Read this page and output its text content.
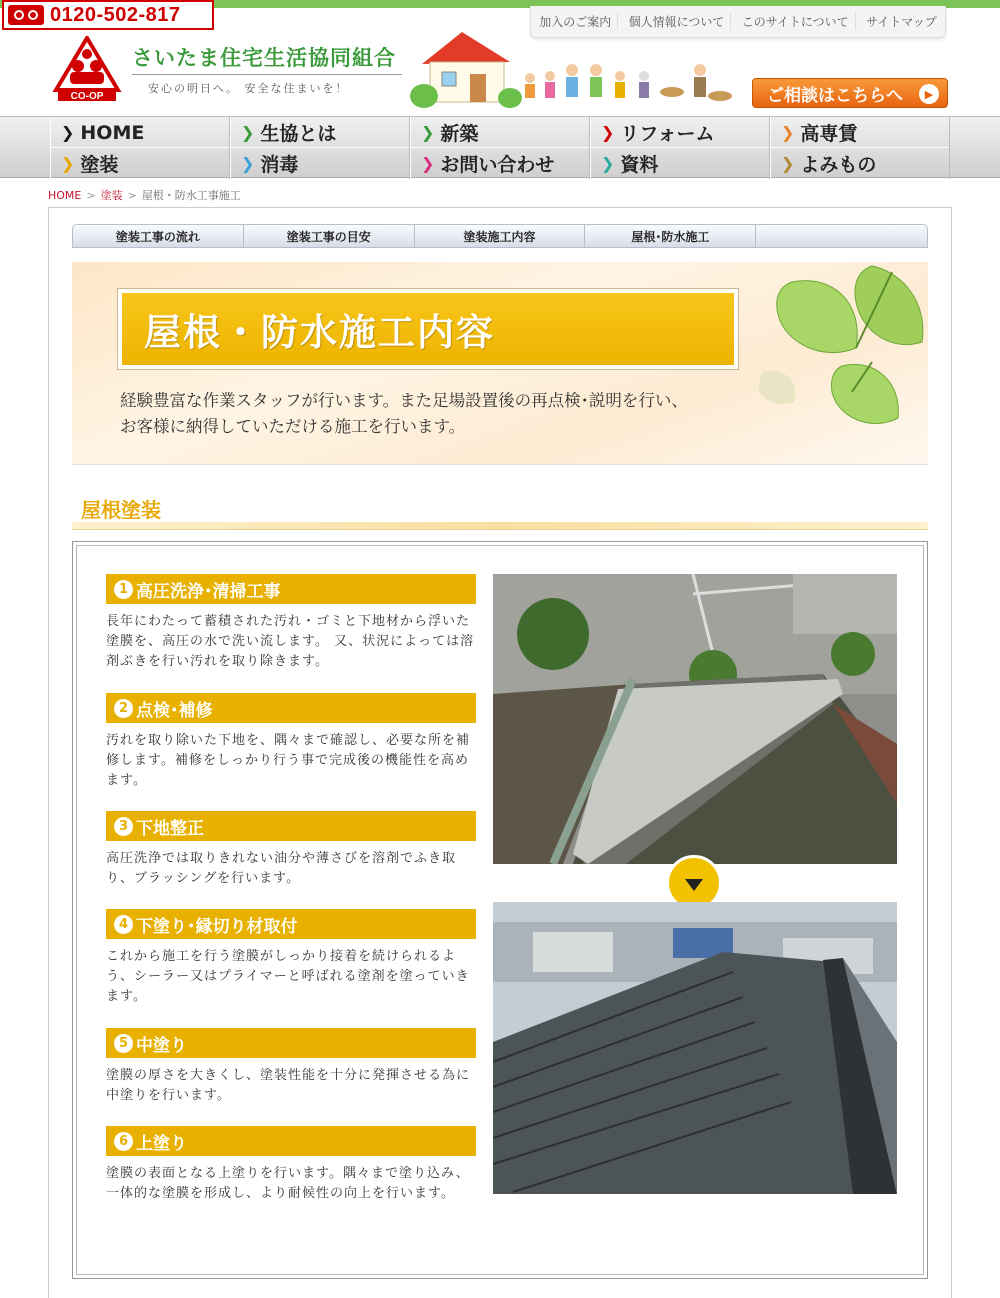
0120-502-817	加入のご案内	個人情報について	このサイトについて	サイトマップ
CO-OP
さいたま住宅生活協同組合
安心の明日へ。 安全な住まいを！	ご相談はこちらへ	▶
❯ HOME	❯ 生協とは	❯ 新築	❯ リフォーム	❯ 高専賃
❯ 塗装	❯ 消毒	❯ お問い合わせ	❯ 資料	❯ よみもの
HOME > 塗装 > 屋根・防水工事施工
塗装工事の流れ	塗装工事の目安	塗装施工内容	屋根･防水施工
屋根・防水施工内容
経験豊富な作業スタッフが行います。また足場設置後の再点検･説明を行い、
お客様に納得していただける施工を行います。
屋根塗装
1 高圧洗浄･清掃工事
長年にわたって蓄積された汚れ・ゴミと下地材から浮いた塗膜を、高圧の水で洗い流します。 又、状況によっては溶剤ぶきを行い汚れを取り除きます。
2 点検･補修
汚れを取り除いた下地を、隅々まで確認し、必要な所を補修します。補修をしっかり行う事で完成後の機能性を高めます。
3 下地整正
高圧洗浄では取りきれない油分や薄さびを溶剤でふき取り、ブラッシングを行います。
4 下塗り･縁切り材取付
これから施工を行う塗膜がしっかり接着を続けられるよう、シーラー又はプライマーと呼ばれる塗剤を塗っていきます。
5 中塗り
塗膜の厚さを大きくし、塗装性能を十分に発揮させる為に中塗りを行います。
6 上塗り
塗膜の表面となる上塗りを行います。隅々まで塗り込み、一体的な塗膜を形成し、より耐候性の向上を行います。
